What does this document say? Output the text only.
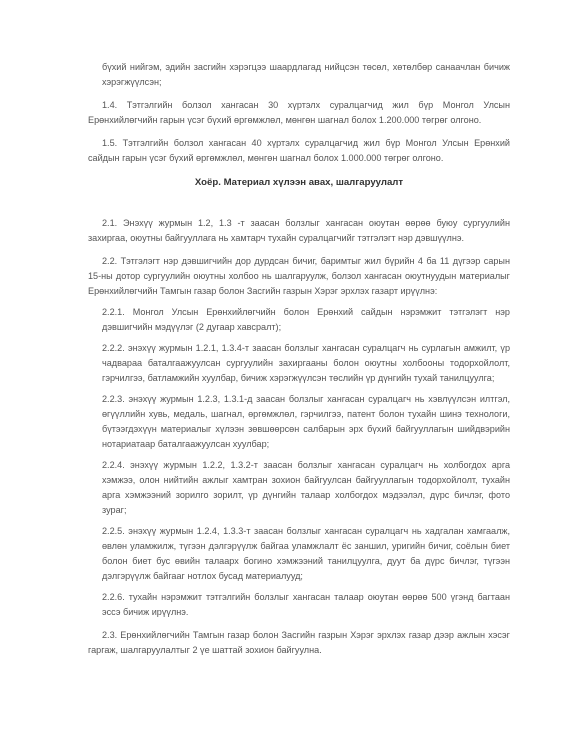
бүхий нийгэм, эдийн засгийн хэрэгцээ шаардлагад нийцсэн төсөл, хөтөлбөр санаачлан бичиж хэрэгжүүлсэн;

1.4. Тэтгэлгийн болзол хангасан 30 хүртэлх суралцагчид жил бүр Монгол Улсын Ерөнхийлөгчийн гарын үсэг бүхий өргөмжлөл, мөнгөн шагнал болох 1.200.000 төгрөг олгоно.

1.5. Тэтгэлгийн болзол хангасан 40 хүртэлх суралцагчид жил бүр Монгол Улсын Ерөнхий сайдын гарын үсэг бүхий өргөмжлөл, мөнгөн шагнал болох 1.000.000 төгрөг олгоно.

Хоёр. Материал хүлээн авах, шалгаруулалт

2.1. Энэхүү журмын 1.2, 1.3 -т заасан болзлыг хангасан оюутан өөрөө буюу сургуулийн захиргаа, оюутны байгууллага нь хамтарч тухайн суралцагчийг тэтгэлэгт нэр дэвшүүлнэ.

2.2. Тэтгэлэгт нэр дэвшигчийн дор дурдсан бичиг, баримтыг жил бүрийн 4 ба 11 дүгээр сарын 15-ны дотор сургуулийн оюутны холбоо нь шалгаруулж, болзол хангасан оюутнуудын материалыг Ерөнхийлөгчийн Тамгын газар болон Засгийн газрын Хэрэг эрхлэх газарт ирүүлнэ:

2.2.1. Монгол Улсын Ерөнхийлөгчийн болон Ерөнхий сайдын нэрэмжит тэтгэлэгт нэр дэвшигчийн мэдүүлэг (2 дугаар хавсралт);

2.2.2. энэхүү журмын 1.2.1, 1.3.4-т заасан болзлыг хангасан суралцагч нь сурлагын амжилт, үр чадвараа баталгаажуулсан сургуулийн захиргааны болон оюутны холбооны тодорхойлолт, гэрчилгээ, батламжийн хуулбар, бичиж хэрэгжүүлсэн төслийн үр дүнгийн тухай танилцуулга;

2.2.3. энэхүү журмын 1.2.3, 1.3.1-д заасан болзлыг хангасан суралцагч нь хэвлүүлсэн илтгэл, өгүүллийн хувь, медаль, шагнал, өргөмжлөл, гэрчилгээ, патент болон тухайн шинэ технологи, бүтээгдэхүүн материалыг хүлээн зөвшөөрсөн салбарын эрх бүхий байгууллагын шийдвэрийн нотариатаар баталгаажуулсан хуулбар;

2.2.4. энэхүү журмын 1.2.2, 1.3.2-т заасан болзлыг хангасан суралцагч нь холбогдох арга хэмжээ, олон нийтийн ажлыг хамтран зохион байгуулсан байгууллагын тодорхойлолт, тухайн арга хэмжээний зорилго зорилт, үр дүнгийн талаар холбогдох мэдээлэл, дүрс бичлэг, фото зураг;

2.2.5. энэхүү журмын 1.2.4, 1.3.3-т заасан болзлыг хангасан суралцагч нь хадгалан хамгаалж, өвлөн уламжилж, түгээн дэлгэрүүлж байгаа уламжлалт ёс заншил, уригийн бичиг, соёлын биет болон биет бус өвийн талаарх богино хэмжээний танилцуулга, дуут ба дүрс бичлэг, түгээн дэлгэрүүлж байгааг нотлох бусад материалууд;

2.2.6. тухайн нэрэмжит тэтгэлгийн болзлыг хангасан талаар оюутан өөрөө 500 үгэнд багтаан эссэ бичиж ирүүлнэ.

2.3. Ерөнхийлөгчийн Тамгын газар болон Засгийн газрын Хэрэг эрхлэх газар дээр ажлын хэсэг гаргаж, шалгаруулалтыг 2 үе шаттай зохион байгуулна.
